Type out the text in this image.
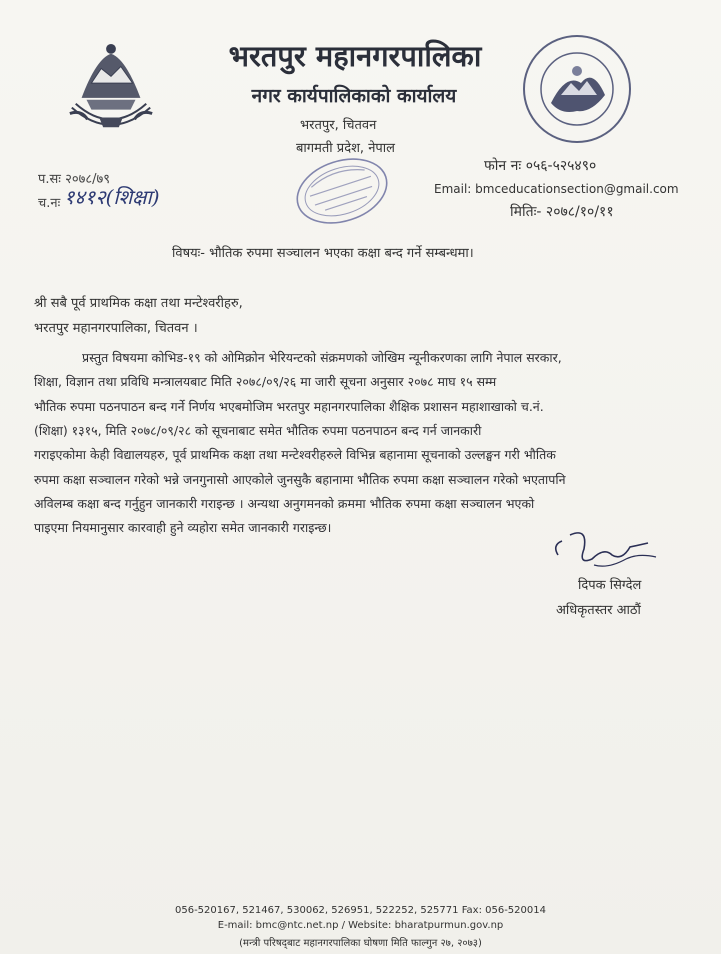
भरतपुर महानगरपालिका
नगर कार्यपालिकाको कार्यालय
भरतपुर, चितवन
बागमती प्रदेश, नेपाल
प.सः २०७८/७९
च.नः १४१२(शिक्षा)
फोन नः ०५६-५२५४९०
Email: bmceducationsection@gmail.com
मितिः- २०७८/१०/११
विषयः- भौतिक रुपमा सञ्चालन भएका कक्षा बन्द गर्ने सम्बन्धमा।
श्री सबै पूर्व प्राथमिक कक्षा तथा मन्टेश्वरीहरु,
भरतपुर महानगरपालिका, चितवन ।
प्रस्तुत विषयमा कोभिड-१९ को ओमिक्रोन भेरियन्टको संक्रमणको जोखिम न्यूनीकरणका लागि नेपाल सरकार,
शिक्षा, विज्ञान तथा प्रविधि मन्त्रालयबाट मिति २०७८/०९/२६ मा जारी सूचना अनुसार २०७८ माघ १५ सम्म
भौतिक रुपमा पठनपाठन बन्द गर्ने निर्णय भएबमोजिम भरतपुर महानगरपालिका शैक्षिक प्रशासन महाशाखाको च.नं.
(शिक्षा) १३१५, मिति २०७८/०९/२८ को सूचनाबाट समेत भौतिक रुपमा पठनपाठन बन्द गर्न जानकारी
गराइएकोमा केही विद्यालयहरु, पूर्व प्राथमिक कक्षा तथा मन्टेश्वरीहरुले विभिन्न बहानामा सूचनाको उल्लङ्घन गरी भौतिक
रुपमा कक्षा सञ्चालन गरेको भन्ने जनगुनासो आएकोले जुनसुकै बहानामा भौतिक रुपमा कक्षा सञ्चालन गरेको भएतापनि
अविलम्ब कक्षा बन्द गर्नुहुन जानकारी गराइन्छ । अन्यथा अनुगमनको क्रममा भौतिक रुपमा कक्षा सञ्चालन भएको
पाइएमा नियमानुसार कारवाही हुने व्यहोरा समेत जानकारी गराइन्छ।
दिपक सिग्देल
अधिकृतस्तर आठौं
056-520167, 521467, 530062, 526951, 522252, 525771 Fax: 056-520014
E-mail: bmc@ntc.net.np / Website: bharatpurmun.gov.np
(मन्त्री परिषद्‌बाट महानगरपालिका घोषणा मिति फाल्गुन २७, २०७३)
